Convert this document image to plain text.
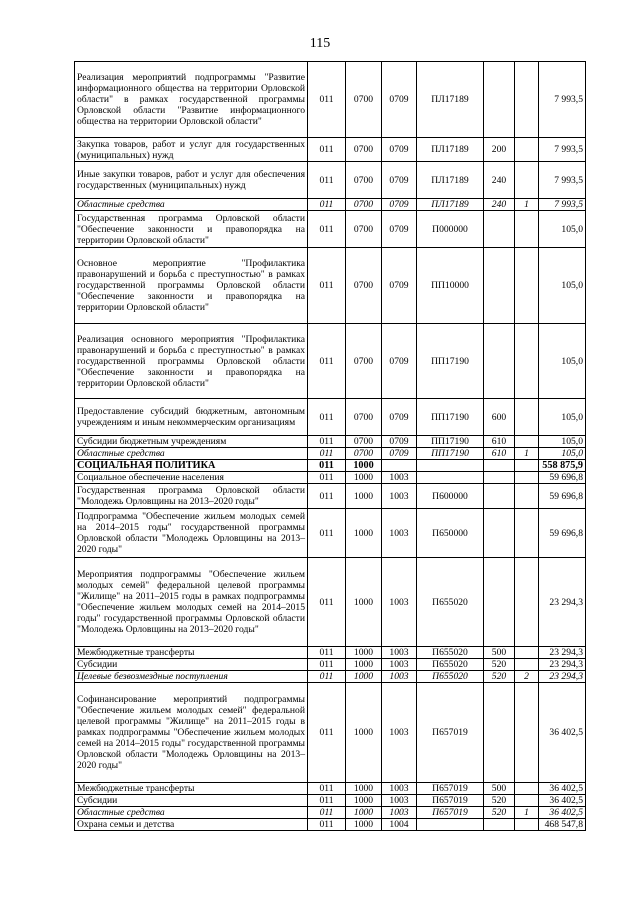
115
Реализация мероприятий подпрограммы "Развитие информационного общества на территории Орловской области" в рамках государственной программы Орловской области "Развитие информационного общества на территории Орловской области"	011	0700	0709	ПЛ17189			7 993,5
Закупка товаров, работ и услуг для государственных (муниципальных) нужд	011	0700	0709	ПЛ17189	200		7 993,5
Иные закупки товаров, работ и услуг для обеспечения государственных (муниципальных) нужд	011	0700	0709	ПЛ17189	240		7 993,5
Областные средства	011	0700	0709	ПЛ17189	240	1	7 993,5
Государственная программа Орловской области "Обеспечение законности и правопорядка на территории Орловской области"	011	0700	0709	П000000			105,0
Основное мероприятие "Профилактика правонарушений и борьба с преступностью" в рамках государственной программы Орловской области "Обеспечение законности и правопорядка на территории Орловской области"	011	0700	0709	ПП10000			105,0
Реализация основного мероприятия "Профилактика правонарушений и борьба с преступностью" в рамках государственной программы Орловской области "Обеспечение законности и правопорядка на территории Орловской области"	011	0700	0709	ПП17190			105,0
Предоставление субсидий бюджетным, автономным учреждениям и иным некоммерческим организациям	011	0700	0709	ПП17190	600		105,0
Субсидии бюджетным учреждениям	011	0700	0709	ПП17190	610		105,0
Областные средства	011	0700	0709	ПП17190	610	1	105,0
СОЦИАЛЬНАЯ ПОЛИТИКА	011	1000					558 875,9
Социальное обеспечение населения	011	1000	1003				59 696,8
Государственная программа Орловской области "Молодежь Орловщины на 2013–2020 годы"	011	1000	1003	П600000			59 696,8
Подпрограмма "Обеспечение жильем молодых семей на 2014–2015 годы" государственной программы Орловской области "Молодежь Орловщины на 2013–2020 годы"	011	1000	1003	П650000			59 696,8
Мероприятия подпрограммы "Обеспечение жильем молодых семей" федеральной целевой программы "Жилище" на 2011–2015 годы в рамках подпрограммы "Обеспечение жильем молодых семей на 2014–2015 годы" государственной программы Орловской области "Молодежь Орловщины на 2013–2020 годы"	011	1000	1003	П655020			23 294,3
Межбюджетные трансферты	011	1000	1003	П655020	500		23 294,3
Субсидии	011	1000	1003	П655020	520		23 294,3
Целевые безвозмездные поступления	011	1000	1003	П655020	520	2	23 294,3
Софинансирование мероприятий подпрограммы "Обеспечение жильем молодых семей" федеральной целевой программы "Жилище" на 2011–2015 годы в рамках подпрограммы "Обеспечение жильем молодых семей на 2014–2015 годы" государственной программы Орловской области "Молодежь Орловщины на 2013–2020 годы"	011	1000	1003	П657019			36 402,5
Межбюджетные трансферты	011	1000	1003	П657019	500		36 402,5
Субсидии	011	1000	1003	П657019	520		36 402,5
Областные средства	011	1000	1003	П657019	520	1	36 402,5
Охрана семьи и детства	011	1000	1004				468 547,8
